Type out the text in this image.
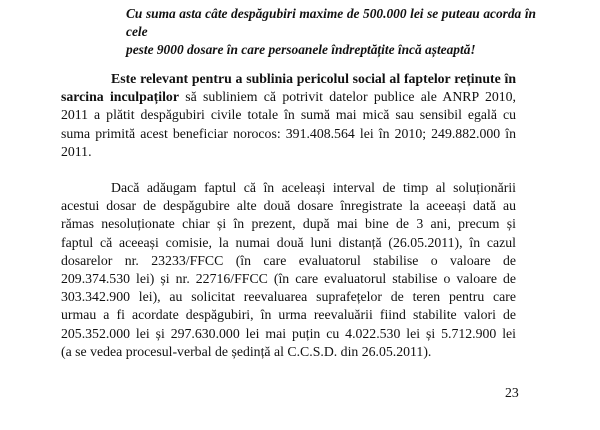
Cu suma asta câte despăgubiri maxime de 500.000 lei se puteau acorda în cele
peste 9000 dosare în care persoanele îndreptățite încă așteaptă!

Este relevant pentru a sublinia pericolul social al faptelor reținute în
sarcina inculpaților să subliniem că potrivit datelor publice ale ANRP 2010,
2011 a plătit despăgubiri civile totale în sumă mai mică sau sensibil egală cu
suma primită acest beneficiar norocos: 391.408.564 lei în 2010; 249.882.000 în
2011.

Dacă adăugam faptul că în aceleași interval de timp al soluționării
acestui dosar de despăgubire alte două dosare înregistrate la aceeași dată au
rămas nesoluționate chiar și în prezent, după mai bine de 3 ani, precum și
faptul că aceeași comisie, la numai două luni distanță (26.05.2011), în cazul
dosarelor nr. 23233/FFCC (în care evaluatorul stabilise o valoare de
209.374.530 lei) și nr. 22716/FFCC (în care evaluatorul stabilise o valoare de
303.342.900 lei), au solicitat reevaluarea suprafețelor de teren pentru care
urmau a fi acordate despăgubiri, în urma reevaluării fiind stabilite valori de
205.352.000 lei și 297.630.000 lei mai puțin cu 4.022.530 lei și 5.712.900 lei
(a se vedea procesul-verbal de ședință al C.C.S.D. din 26.05.2011).

23
